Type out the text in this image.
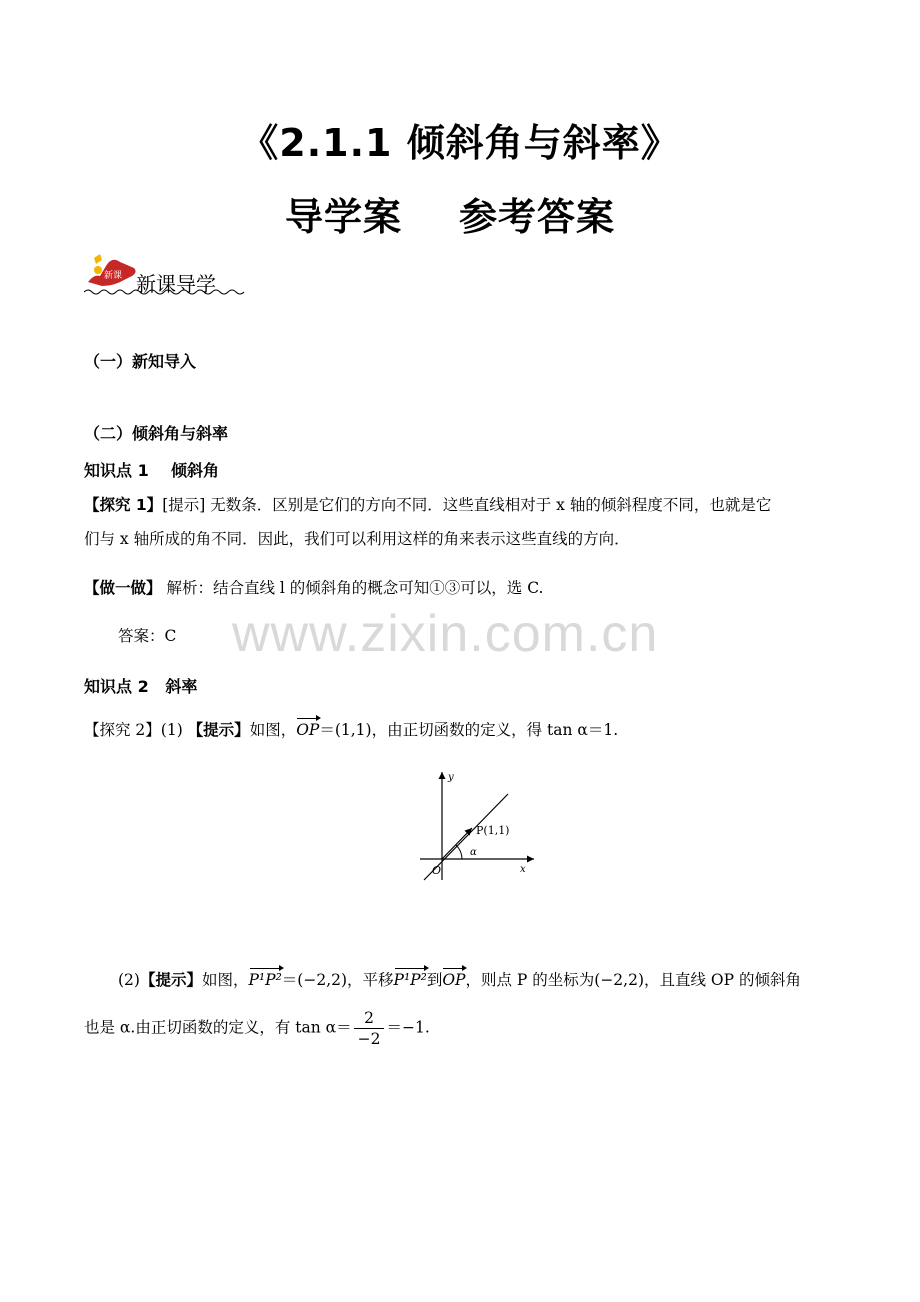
《2.1.1 倾斜角与斜率》
导学案    参考答案
新课 新课导学
（一）新知导入
（二）倾斜角与斜率
知识点 1    倾斜角
【探究 1】[提示] 无数条．区别是它们的方向不同．这些直线相对于 x 轴的倾斜程度不同，也就是它
们与 x 轴所成的角不同．因此，我们可以利用这样的角来表示这些直线的方向．
【做一做】 解析：结合直线 l 的倾斜角的概念可知①③可以，选 C.
答案：C www.zixin.com.cn
知识点 2   斜率
【探究 2】(1) 【提示】如图，OP＝(1,1)，由正切函数的定义，得 tan α＝1.
y
x
O
P(1,1)
α
(2)【提示】如图，P¹P²＝(−2,2)，平移P¹P²到OP，则点 P 的坐标为(−2,2)，且直线 OP 的倾斜角
也是 α.由正切函数的定义，有 $\tan \alpha= \frac{2}{-2} =-1$.
